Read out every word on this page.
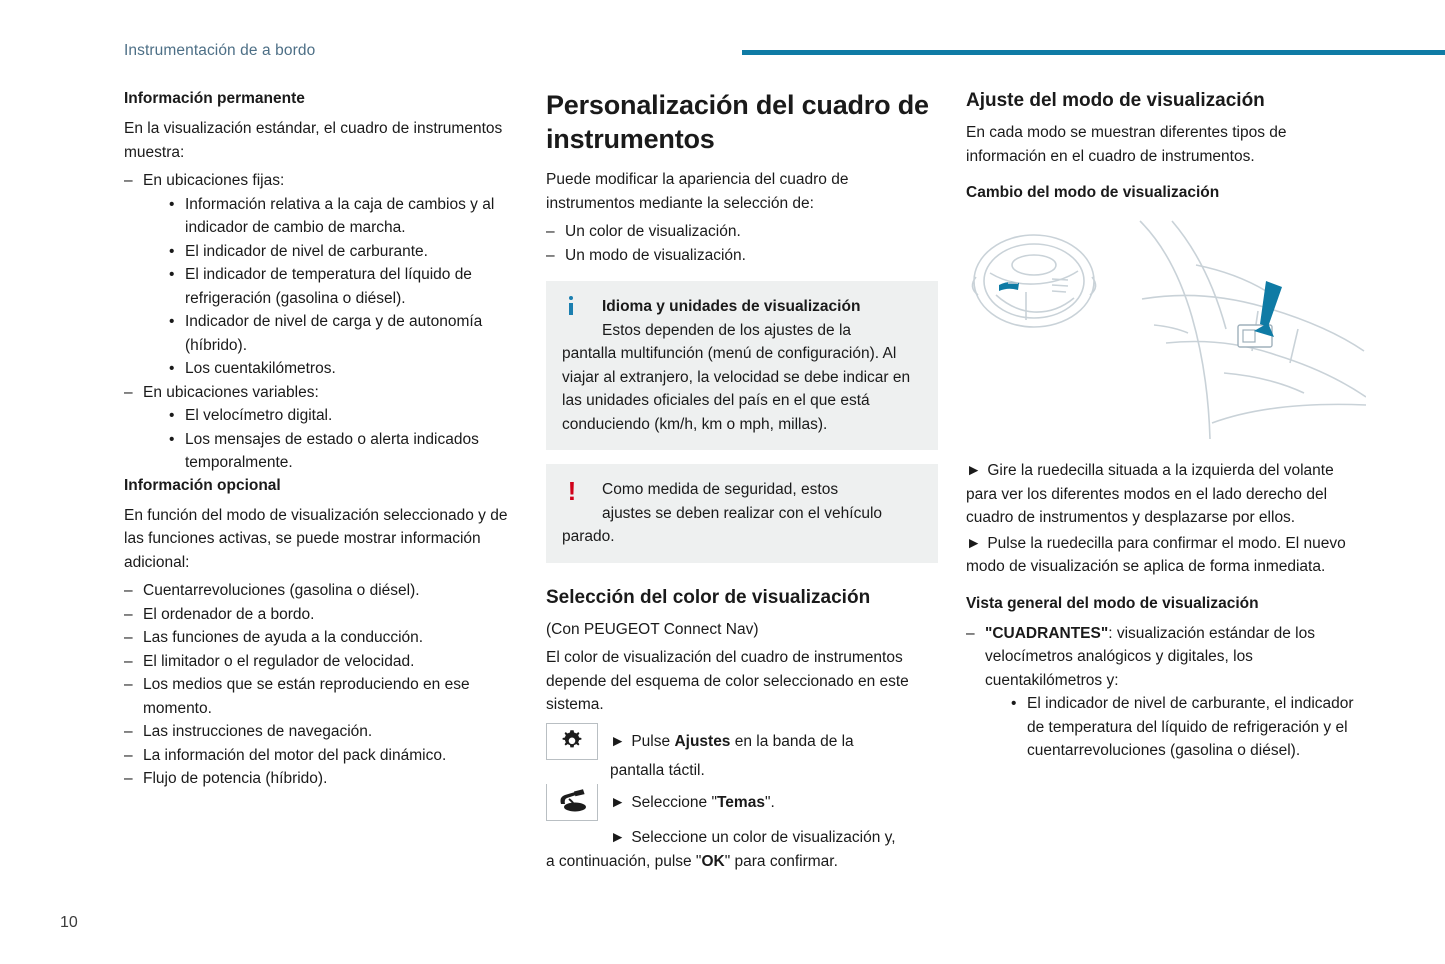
Instrumentación de a bordo
Información permanente

En la visualización estándar, el cuadro de instrumentos muestra:

– En ubicaciones fijas:
• Información relativa a la caja de cambios y al indicador de cambio de marcha.
• El indicador de nivel de carburante.
• El indicador de temperatura del líquido de refrigeración (gasolina o diésel).
• Indicador de nivel de carga y de autonomía (híbrido).
• Los cuentakilómetros.
– En ubicaciones variables:
• El velocímetro digital.
• Los mensajes de estado o alerta indicados temporalmente.
Información opcional

En función del modo de visualización seleccionado y de las funciones activas, se puede mostrar información adicional:

– Cuentarrevoluciones (gasolina o diésel).
– El ordenador de a bordo.
– Las funciones de ayuda a la conducción.
– El limitador o el regulador de velocidad.
– Los medios que se están reproduciendo en ese momento.
– Las instrucciones de navegación.
– La información del motor del pack dinámico.
– Flujo de potencia (híbrido).
Personalización del cuadro de instrumentos

Puede modificar la apariencia del cuadro de instrumentos mediante la selección de:

– Un color de visualización.
– Un modo de visualización.
Idioma y unidades de visualización
Estos dependen de los ajustes de la
pantalla multifunción (menú de configuración). Al viajar al extranjero, la velocidad se debe indicar en las unidades oficiales del país en el que está conduciendo (km/h, km o mph, millas).
!	Como medida de seguridad, estos
ajustes se deben realizar con el vehículo
parado.
Selección del color de visualización

(Con PEUGEOT Connect Nav)

El color de visualización del cuadro de instrumentos depende del esquema de color seleccionado en este sistema.

► Pulse Ajustes en la banda de la
pantalla táctil.
► Seleccione "Temas".
► Seleccione un color de visualización y,
a continuación, pulse "OK" para confirmar.
Ajuste del modo de visualización

En cada modo se muestran diferentes tipos de información en el cuadro de instrumentos.

Cambio del modo de visualización
► Gire la ruedecilla situada a la izquierda del volante para ver los diferentes modos en el lado derecho del cuadro de instrumentos y desplazarse por ellos.
► Pulse la ruedecilla para confirmar el modo. El nuevo modo de visualización se aplica de forma inmediata.
Vista general del modo de visualización
– "CUADRANTES": visualización estándar de los velocímetros analógicos y digitales, los cuentakilómetros y:
• El indicador de nivel de carburante, el indicador de temperatura del líquido de refrigeración y el cuentarrevoluciones (gasolina o diésel).
10
